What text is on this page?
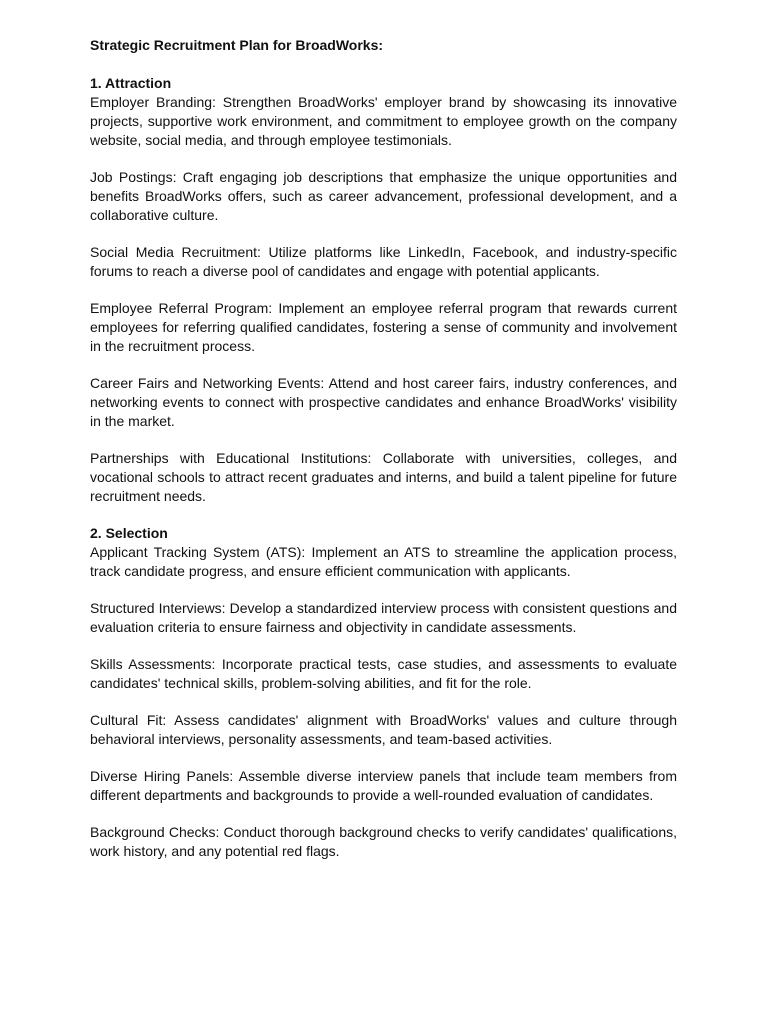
Strategic Recruitment Plan for BroadWorks:

1. Attraction

Employer Branding: Strengthen BroadWorks' employer brand by showcasing its innovative projects, supportive work environment, and commitment to employee growth on the company website, social media, and through employee testimonials.

Job Postings: Craft engaging job descriptions that emphasize the unique opportunities and benefits BroadWorks offers, such as career advancement, professional development, and a collaborative culture.

Social Media Recruitment: Utilize platforms like LinkedIn, Facebook, and industry-specific forums to reach a diverse pool of candidates and engage with potential applicants.

Employee Referral Program: Implement an employee referral program that rewards current employees for referring qualified candidates, fostering a sense of community and involvement in the recruitment process.

Career Fairs and Networking Events: Attend and host career fairs, industry conferences, and networking events to connect with prospective candidates and enhance BroadWorks' visibility in the market.

Partnerships with Educational Institutions: Collaborate with universities, colleges, and vocational schools to attract recent graduates and interns, and build a talent pipeline for future recruitment needs.

2. Selection

Applicant Tracking System (ATS): Implement an ATS to streamline the application process, track candidate progress, and ensure efficient communication with applicants.

Structured Interviews: Develop a standardized interview process with consistent questions and evaluation criteria to ensure fairness and objectivity in candidate assessments.

Skills Assessments: Incorporate practical tests, case studies, and assessments to evaluate candidates' technical skills, problem-solving abilities, and fit for the role.

Cultural Fit: Assess candidates' alignment with BroadWorks' values and culture through behavioral interviews, personality assessments, and team-based activities.

Diverse Hiring Panels: Assemble diverse interview panels that include team members from different departments and backgrounds to provide a well-rounded evaluation of candidates.

Background Checks: Conduct thorough background checks to verify candidates' qualifications, work history, and any potential red flags.
